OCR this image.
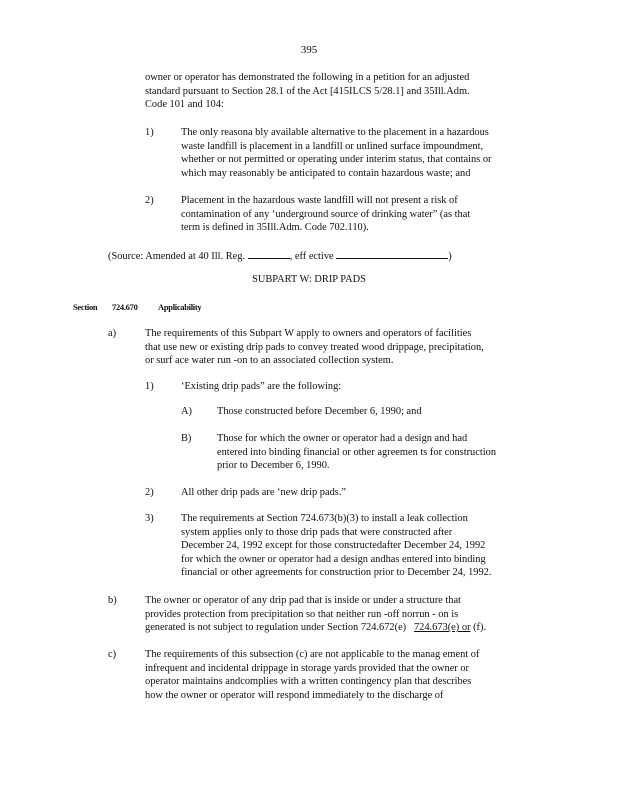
395
owner or operator has demonstrated the following in a petition for an adjusted
standard pursuant to Section 28.1 of the Act [415ILCS 5/28.1] and 35Ill.Adm.
Code 101 and 104:
1)	The only reasona bly available alternative to the placement in a hazardous
waste landfill is placement in a landfill or unlined surface impoundment,
whether or not permitted or operating under interim status, that contains or
which may reasonably be anticipated to contain hazardous waste; and
2)	Placement in the hazardous waste landfill will not present a risk of
contamination of any ‘underground source of drinking water” (as that
term is defined in 35Ill.Adm. Code 702.110).
(Source: Amended at 40 Ill. Reg.	, eff ective	)
SUBPART W: DRIP PADS
Section 724.670 Applicability
a)	The requirements of this Subpart W apply to owners and operators of facilities
that use new or existing drip pads to convey treated wood drippage, precipitation,
or surf ace water run -on to an associated collection system.
1)	‘Existing drip pads” are the following:
A) Those constructed before December 6, 1990; and
B) Those for which the owner or operator had a design and had
entered into binding financial or other agreemen ts for construction
prior to December 6, 1990.
2)	All other drip pads are ‘new drip pads.”
3)	The requirements at Section 724.673(b)(3) to install a leak collection
system applies only to those drip pads that were constructed after
December 24, 1992 except for those constructedafter December 24, 1992
for which the owner or operator had a design andhas entered into binding
financial or other agreements for construction prior to December 24, 1992.
b)	The owner or operator of any drip pad that is inside or under a structure that
provides protection from precipitation so that neither run -off norrun - on is
generated is not subject to regulation under Section 724.672(e) 724.673(e) or (f).
c)	The requirements of this subsection (c) are not applicable to the manag ement of
infrequent and incidental drippage in storage yards provided that the owner or
operator maintains andcomplies with a written contingency plan that describes
how the owner or operator will respond immediately to the discharge of
